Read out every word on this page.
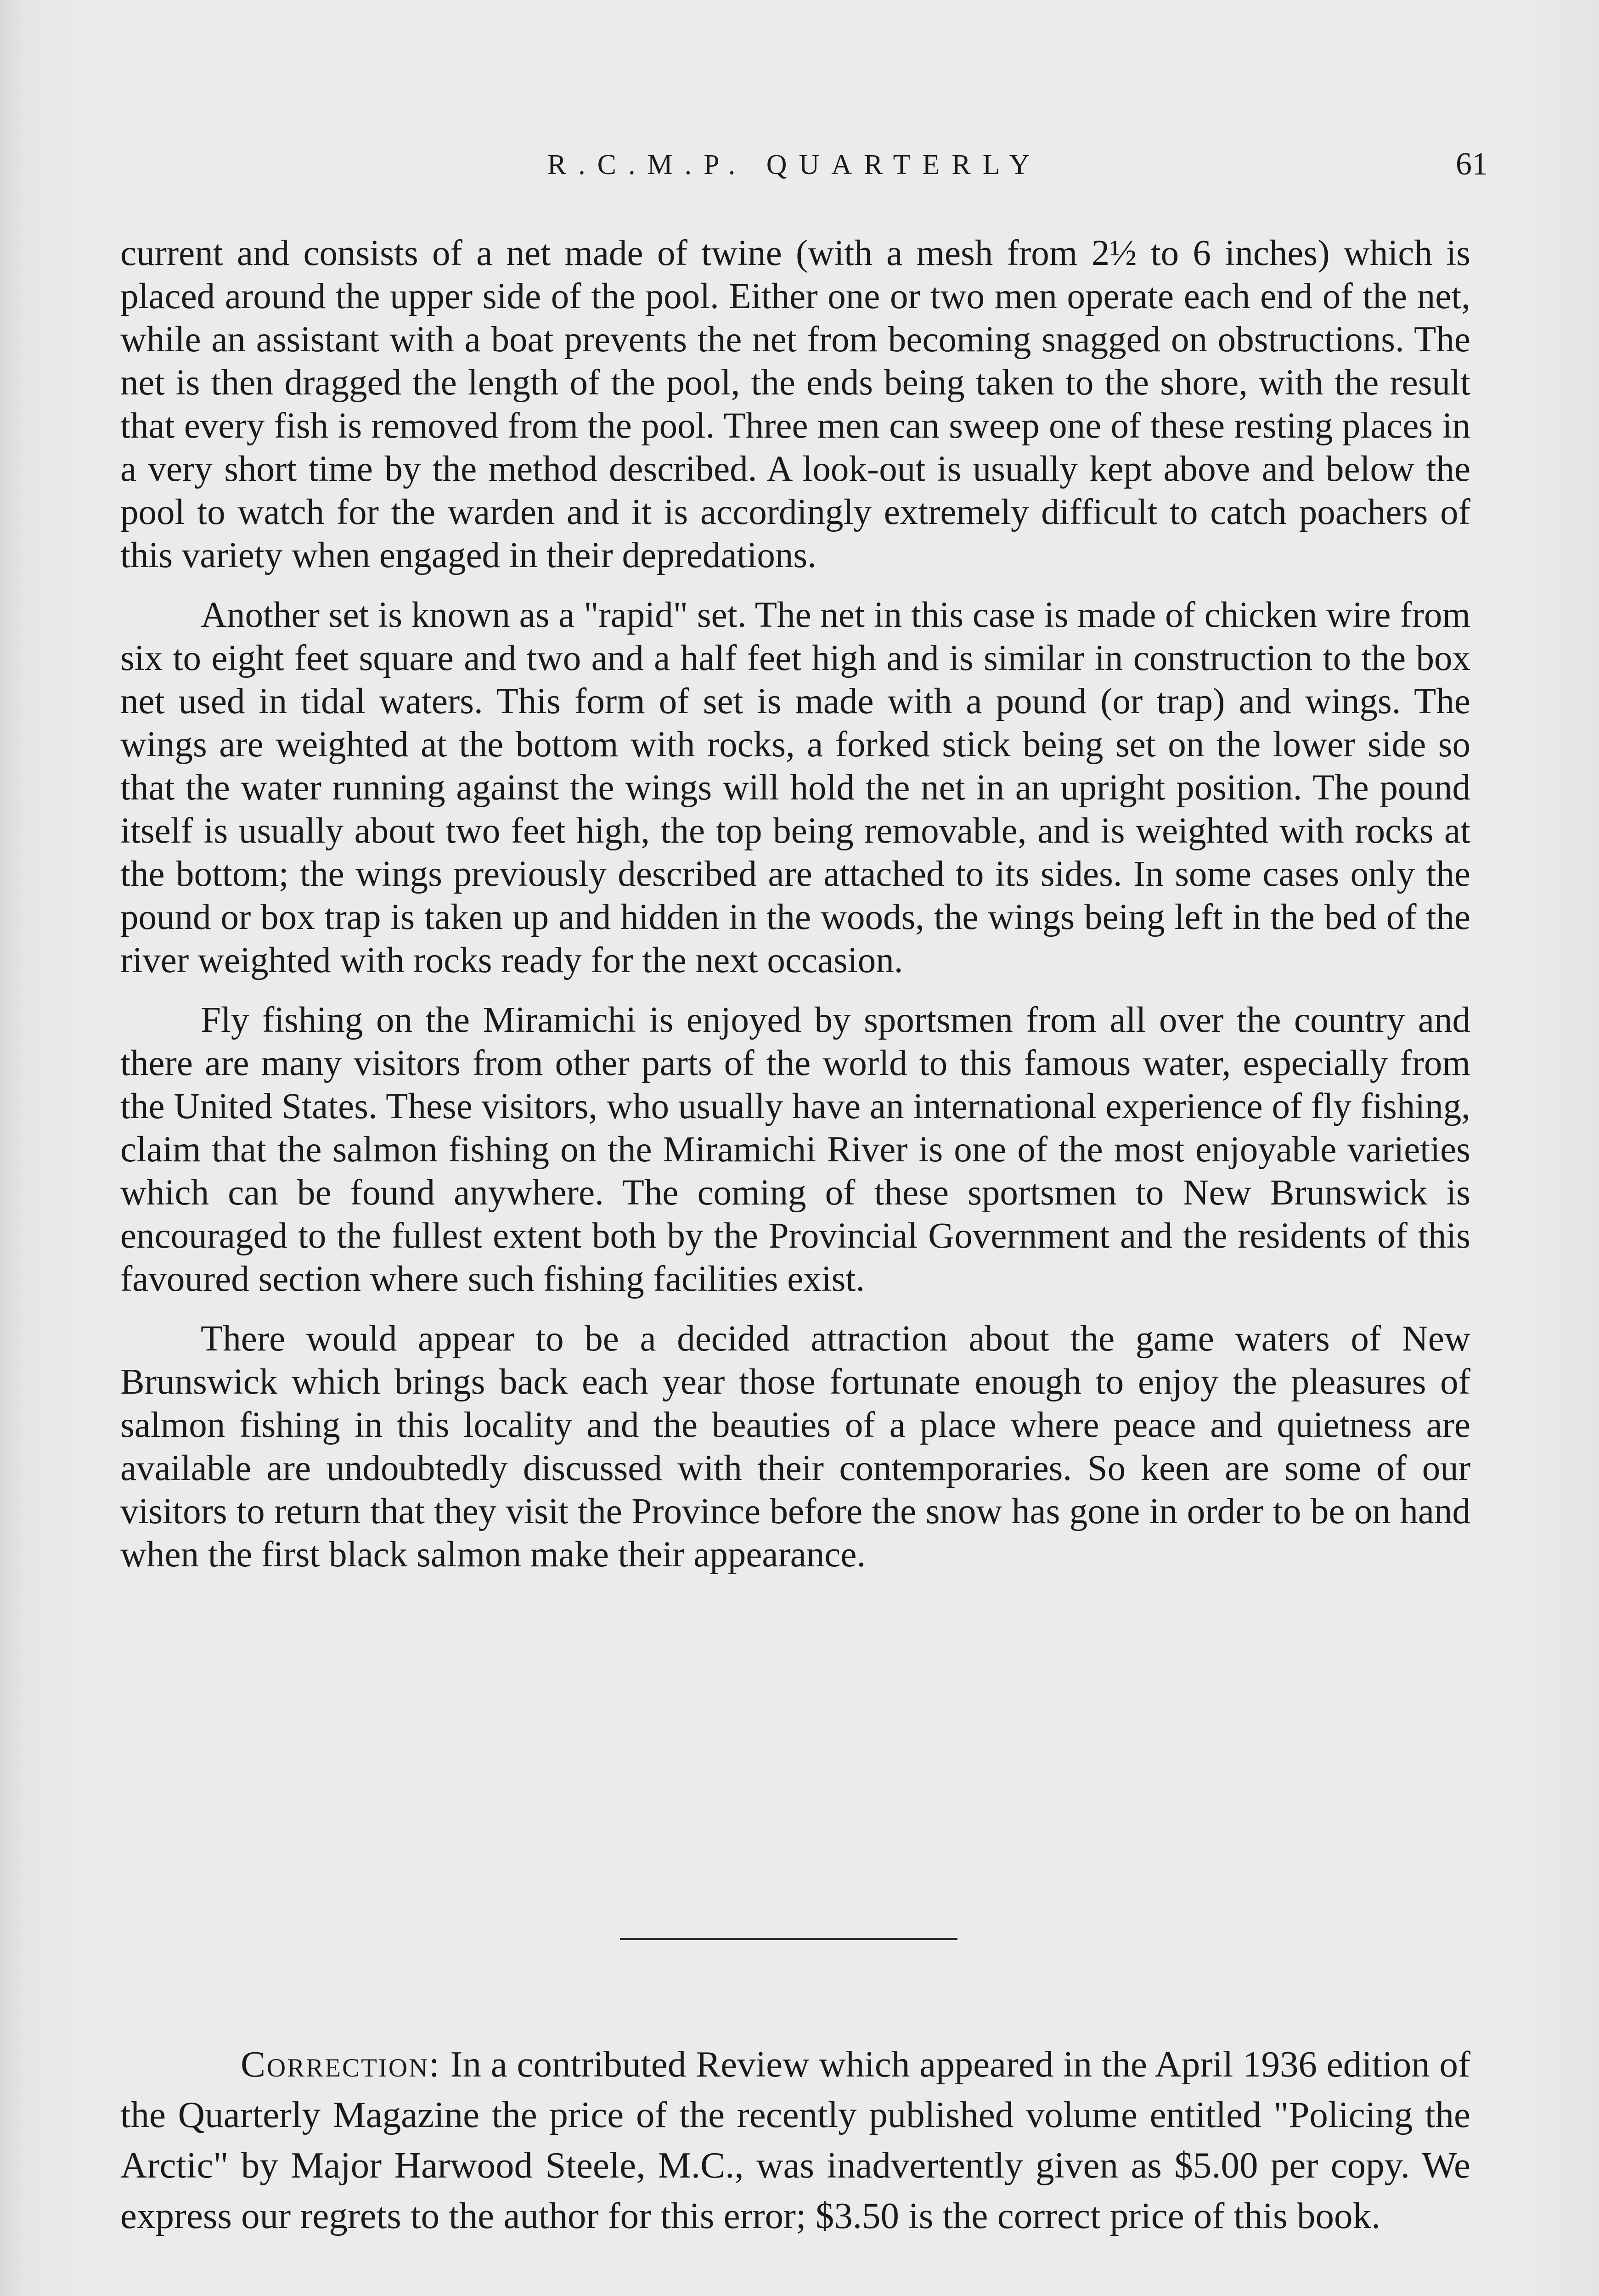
R.C.M.P. QUARTERLY	61

current and consists of a net made of twine (with a mesh from 2½ to 6 inches) which is placed around the upper side of the pool. Either one or two men operate each end of the net, while an assistant with a boat prevents the net from becoming snagged on obstructions. The net is then dragged the length of the pool, the ends being taken to the shore, with the result that every fish is removed from the pool. Three men can sweep one of these resting places in a very short time by the method described. A look-out is usually kept above and below the pool to watch for the warden and it is accordingly extremely difficult to catch poachers of this variety when engaged in their depredations.

Another set is known as a "rapid" set. The net in this case is made of chicken wire from six to eight feet square and two and a half feet high and is similar in construction to the box net used in tidal waters. This form of set is made with a pound (or trap) and wings. The wings are weighted at the bottom with rocks, a forked stick being set on the lower side so that the water running against the wings will hold the net in an upright position. The pound itself is usually about two feet high, the top being removable, and is weighted with rocks at the bottom; the wings previously described are attached to its sides. In some cases only the pound or box trap is taken up and hidden in the woods, the wings being left in the bed of the river weighted with rocks ready for the next occasion.

Fly fishing on the Miramichi is enjoyed by sportsmen from all over the country and there are many visitors from other parts of the world to this famous water, especially from the United States. These visitors, who usually have an international experience of fly fishing, claim that the salmon fishing on the Miramichi River is one of the most enjoyable varieties which can be found anywhere. The coming of these sportsmen to New Brunswick is encouraged to the fullest extent both by the Provincial Government and the residents of this favoured section where such fishing facilities exist.

There would appear to be a decided attraction about the game waters of New Brunswick which brings back each year those fortunate enough to enjoy the pleasures of salmon fishing in this locality and the beauties of a place where peace and quietness are available are undoubtedly discussed with their contemporaries. So keen are some of our visitors to return that they visit the Province before the snow has gone in order to be on hand when the first black salmon make their appearance.

Correction: In a contributed Review which appeared in the April 1936 edition of the Quarterly Magazine the price of the recently published volume entitled "Policing the Arctic" by Major Harwood Steele, M.C., was inadvertently given as $5.00 per copy. We express our regrets to the author for this error; $3.50 is the correct price of this book.
